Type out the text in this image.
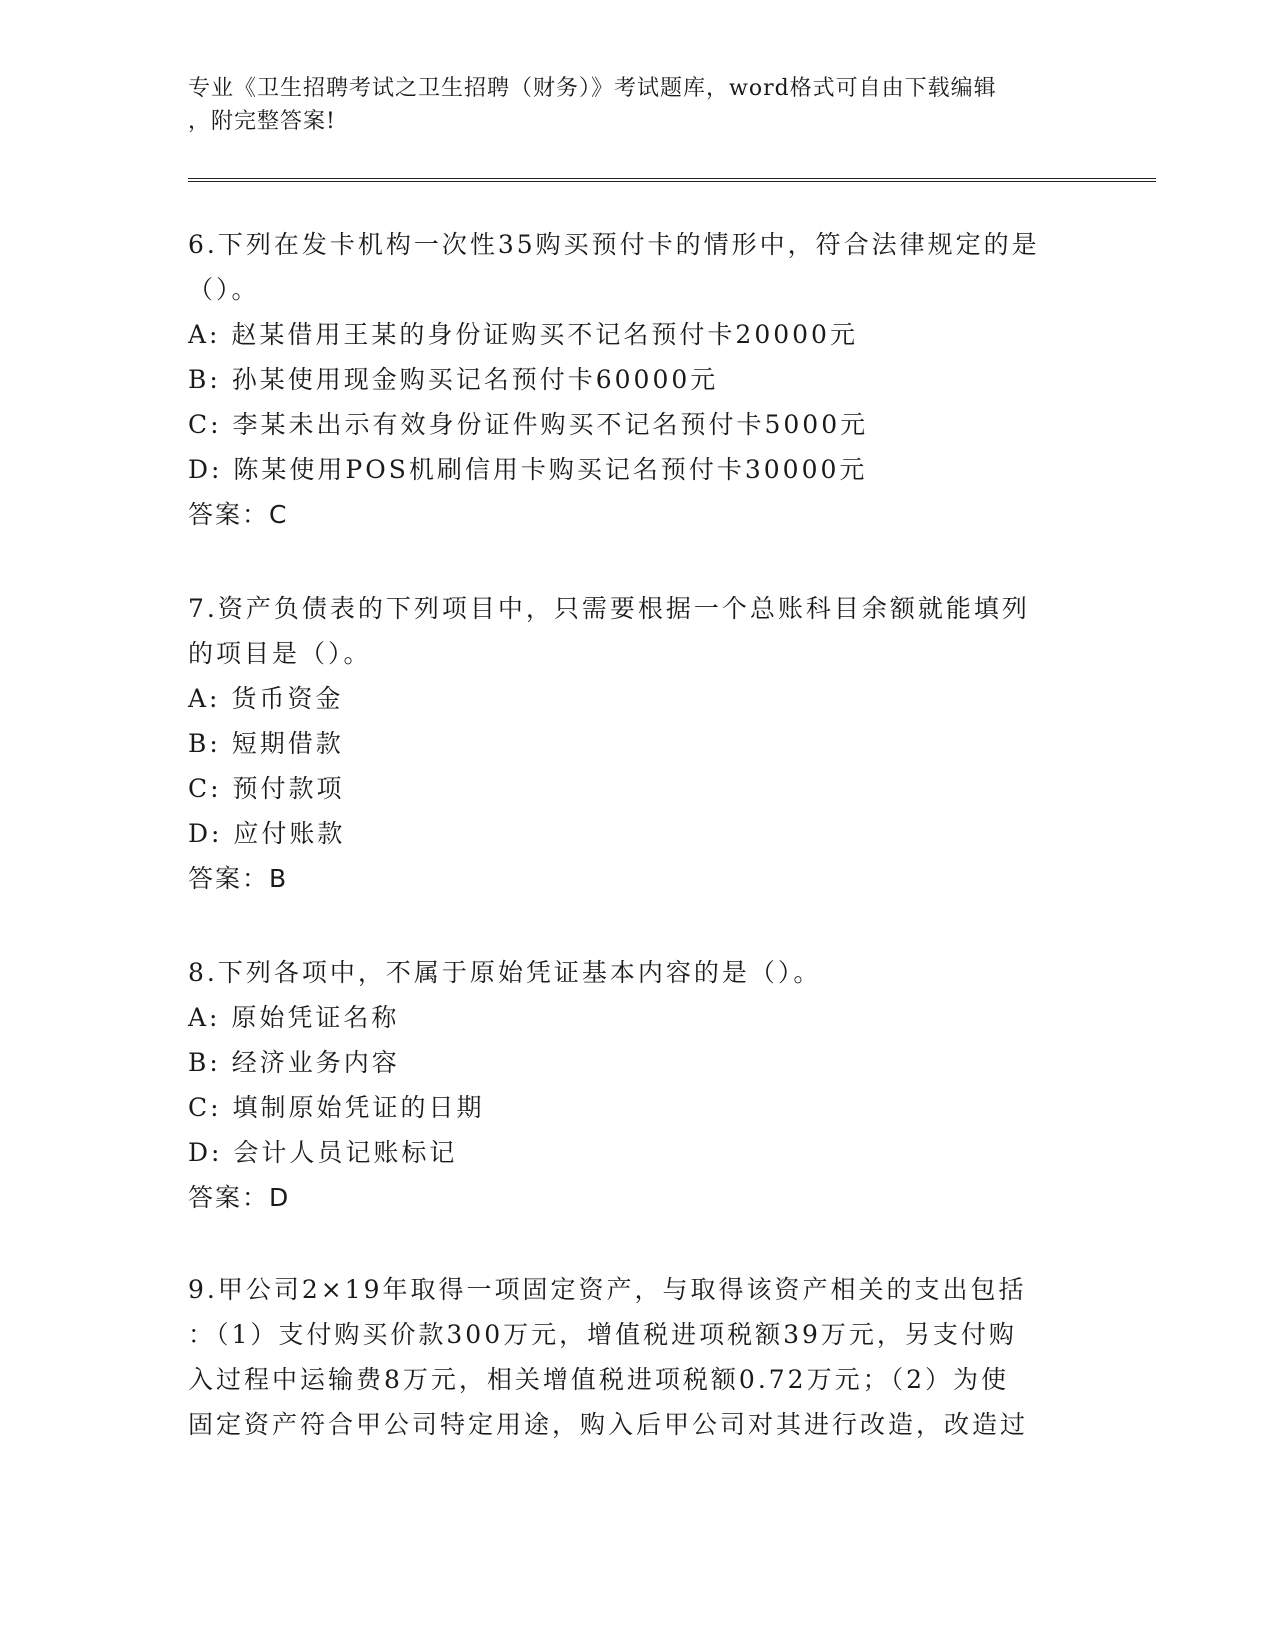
专业《卫生招聘考试之卫生招聘（财务）》考试题库，word格式可自由下载编辑
，附完整答案!
6.下列在发卡机构一次性35购买预付卡的情形中，符合法律规定的是
（）。
A: 赵某借用王某的身份证购买不记名预付卡20000元
B: 孙某使用现金购买记名预付卡60000元
C: 李某未出示有效身份证件购买不记名预付卡5000元
D: 陈某使用POS机刷信用卡购买记名预付卡30000元
答案：C
7.资产负债表的下列项目中，只需要根据一个总账科目余额就能填列
的项目是（）。
A: 货币资金
B: 短期借款
C: 预付款项
D: 应付账款
答案：B
8.下列各项中，不属于原始凭证基本内容的是（）。
A: 原始凭证名称
B: 经济业务内容
C: 填制原始凭证的日期
D: 会计人员记账标记
答案：D
9.甲公司2×19年取得一项固定资产，与取得该资产相关的支出包括
：（1）支付购买价款300万元，增值税进项税额39万元，另支付购
入过程中运输费8万元，相关增值税进项税额0.72万元；（2）为使
固定资产符合甲公司特定用途，购入后甲公司对其进行改造，改造过
